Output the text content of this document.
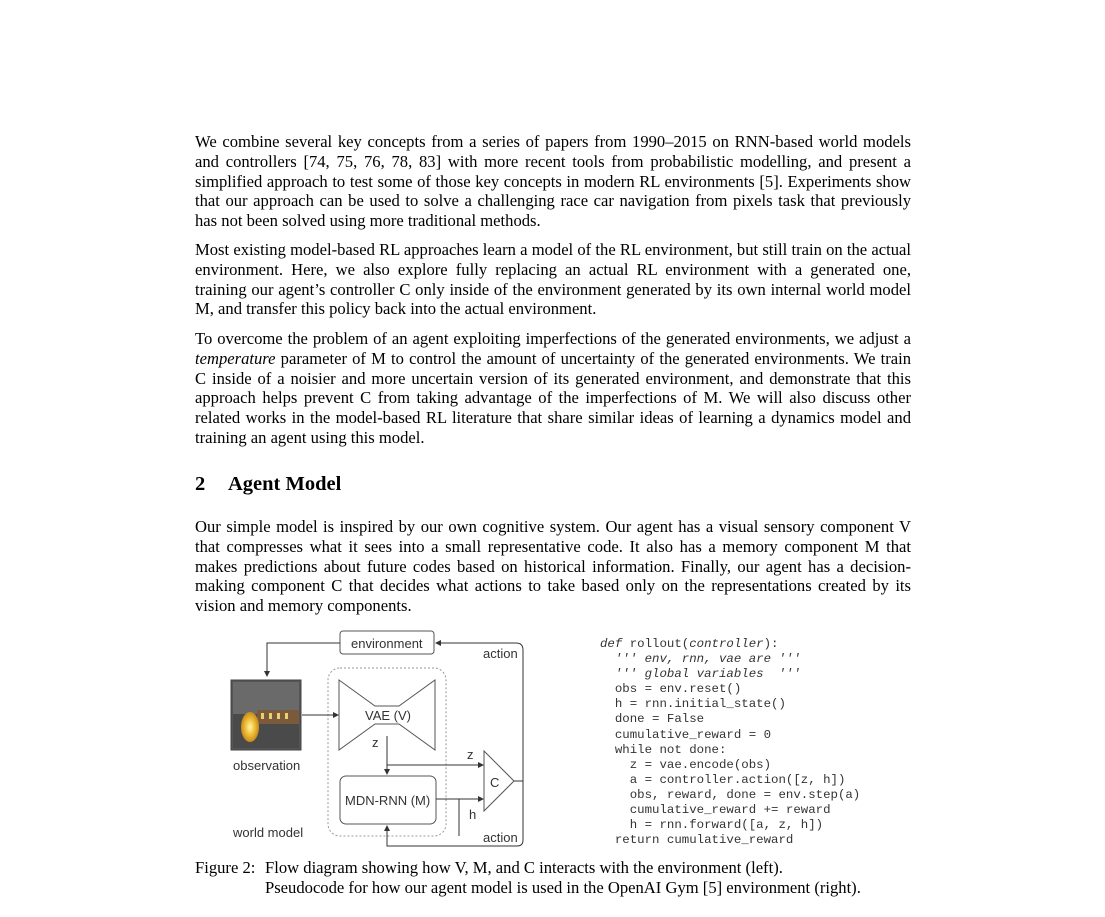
We combine several key concepts from a series of papers from 1990–2015 on RNN-based world models and controllers [74, 75, 76, 78, 83] with more recent tools from probabilistic modelling, and present a simplified approach to test some of those key concepts in modern RL environments [5]. Experiments show that our approach can be used to solve a challenging race car navigation from pixels task that previously has not been solved using more traditional methods.

Most existing model-based RL approaches learn a model of the RL environment, but still train on the actual environment. Here, we also explore fully replacing an actual RL environment with a generated one, training our agent’s controller C only inside of the environment generated by its own internal world model M, and transfer this policy back into the actual environment.

To overcome the problem of an agent exploiting imperfections of the generated environments, we adjust a temperature parameter of M to control the amount of uncertainty of the generated environments. We train C inside of a noisier and more uncertain version of its generated environment, and demonstrate that this approach helps prevent C from taking advantage of the imperfections of M. We will also discuss other related works in the model-based RL literature that share similar ideas of learning a dynamics model and training an agent using this model.

2 Agent Model

Our simple model is inspired by our own cognitive system. Our agent has a visual sensory component V that compresses what it sees into a small representative code. It also has a memory component M that makes predictions about future codes based on historical information. Finally, our agent has a decision-making component C that decides what actions to take based only on the representations created by its vision and memory components.

environment
action
VAE (V)
z
z
C
observation
MDN-RNN (M)
h
world model	action
def rollout(controller):
''' env, rnn, vae are '''
''' global variables  '''
obs = env.reset()
h = rnn.initial_state()
done = False
cumulative_reward = 0
while not done:
z = vae.encode(obs)
a = controller.action([z, h])
obs, reward, done = env.step(a)
cumulative_reward += reward
h = rnn.forward([a, z, h])
return cumulative_reward
Figure 2: Flow diagram showing how V, M, and C interacts with the environment (left).
Pseudocode for how our agent model is used in the OpenAI Gym [5] environment (right).
